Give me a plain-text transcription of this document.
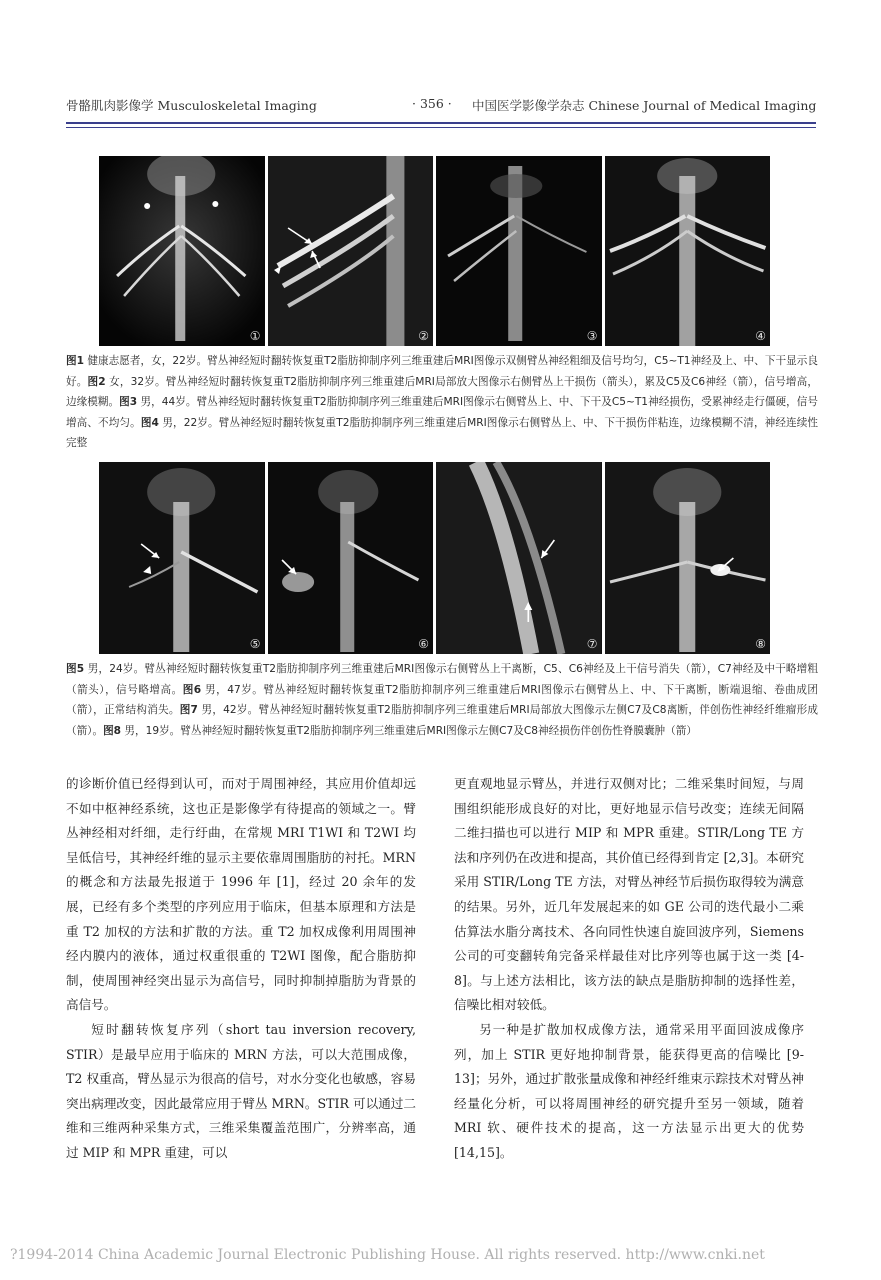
骨骼肌肉影像学 Musculoskeletal Imaging	· 356 · 中国医学影像学杂志 Chinese Journal of Medical Imaging
①	②	③	④
图1 健康志愿者，女，22岁。臂丛神经短时翻转恢复重T2脂肪抑制序列三维重建后MRI图像示双侧臂丛神经粗细及信号均匀，C5~T1神经及上、中、下干显示良好。图2 女，32岁。臂丛神经短时翻转恢复重T2脂肪抑制序列三维重建后MRI局部放大图像示右侧臂丛上干损伤（箭头），累及C5及C6神经（箭），信号增高，边缘模糊。图3 男，44岁。臂丛神经短时翻转恢复重T2脂肪抑制序列三维重建后MRI图像示右侧臂丛上、中、下干及C5~T1神经损伤，受累神经走行僵硬，信号增高、不均匀。图4 男，22岁。臂丛神经短时翻转恢复重T2脂肪抑制序列三维重建后MRI图像示右侧臂丛上、中、下干损伤伴粘连，边缘模糊不清，神经连续性完整
⑤	⑥	⑦	⑧
图5 男，24岁。臂丛神经短时翻转恢复重T2脂肪抑制序列三维重建后MRI图像示右侧臂丛上干离断，C5、C6神经及上干信号消失（箭），C7神经及中干略增粗（箭头），信号略增高。图6 男，47岁。臂丛神经短时翻转恢复重T2脂肪抑制序列三维重建后MRI图像示右侧臂丛上、中、下干离断，断端退缩、卷曲成团（箭），正常结构消失。图7 男，42岁。臂丛神经短时翻转恢复重T2脂肪抑制序列三维重建后MRI局部放大图像示左侧C7及C8离断，伴创伤性神经纤维瘤形成（箭）。图8 男，19岁。臂丛神经短时翻转恢复重T2脂肪抑制序列三维重建后MRI图像示左侧C7及C8神经损伤伴创伤性脊膜囊肿（箭）

的诊断价值已经得到认可，而对于周围神经，其应用价值却远不如中枢神经系统，这也正是影像学有待提高的领域之一。臂丛神经相对纤细，走行纡曲，在常规 MRI T1WI 和 T2WI 均呈低信号，其神经纤维的显示主要依靠周围脂肪的衬托。MRN 的概念和方法最先报道于 1996 年 [1]，经过 20 余年的发展，已经有多个类型的序列应用于临床，但基本原理和方法是重 T2 加权的方法和扩散的方法。重 T2 加权成像利用周围神经内膜内的液体，通过权重很重的 T2WI 图像，配合脂肪抑制，使周围神经突出显示为高信号，同时抑制掉脂肪为背景的高信号。

短时翻转恢复序列（short tau inversion recovery, STIR）是最早应用于临床的 MRN 方法，可以大范围成像，T2 权重高，臂丛显示为很高的信号，对水分变化也敏感，容易突出病理改变，因此最常应用于臂丛 MRN。STIR 可以通过二维和三维两种采集方式，三维采集覆盖范围广，分辨率高，通过 MIP 和 MPR 重建，可以

更直观地显示臂丛，并进行双侧对比；二维采集时间短，与周围组织能形成良好的对比，更好地显示信号改变；连续无间隔二维扫描也可以进行 MIP 和 MPR 重建。STIR/Long TE 方法和序列仍在改进和提高，其价值已经得到肯定 [2,3]。本研究采用 STIR/Long TE 方法，对臂丛神经节后损伤取得较为满意的结果。另外，近几年发展起来的如 GE 公司的迭代最小二乘估算法水脂分离技术、各向同性快速自旋回波序列，Siemens 公司的可变翻转角完备采样最佳对比序列等也属于这一类 [4-8]。与上述方法相比，该方法的缺点是脂肪抑制的选择性差，信噪比相对较低。

另一种是扩散加权成像方法，通常采用平面回波成像序列，加上 STIR 更好地抑制背景，能获得更高的信噪比 [9-13]；另外，通过扩散张量成像和神经纤维束示踪技术对臂丛神经量化分析，可以将周围神经的研究提升至另一领域，随着 MRI 软、硬件技术的提高，这一方法显示出更大的优势 [14,15]。

?1994-2014 China Academic Journal Electronic Publishing House. All rights reserved. http://www.cnki.net
